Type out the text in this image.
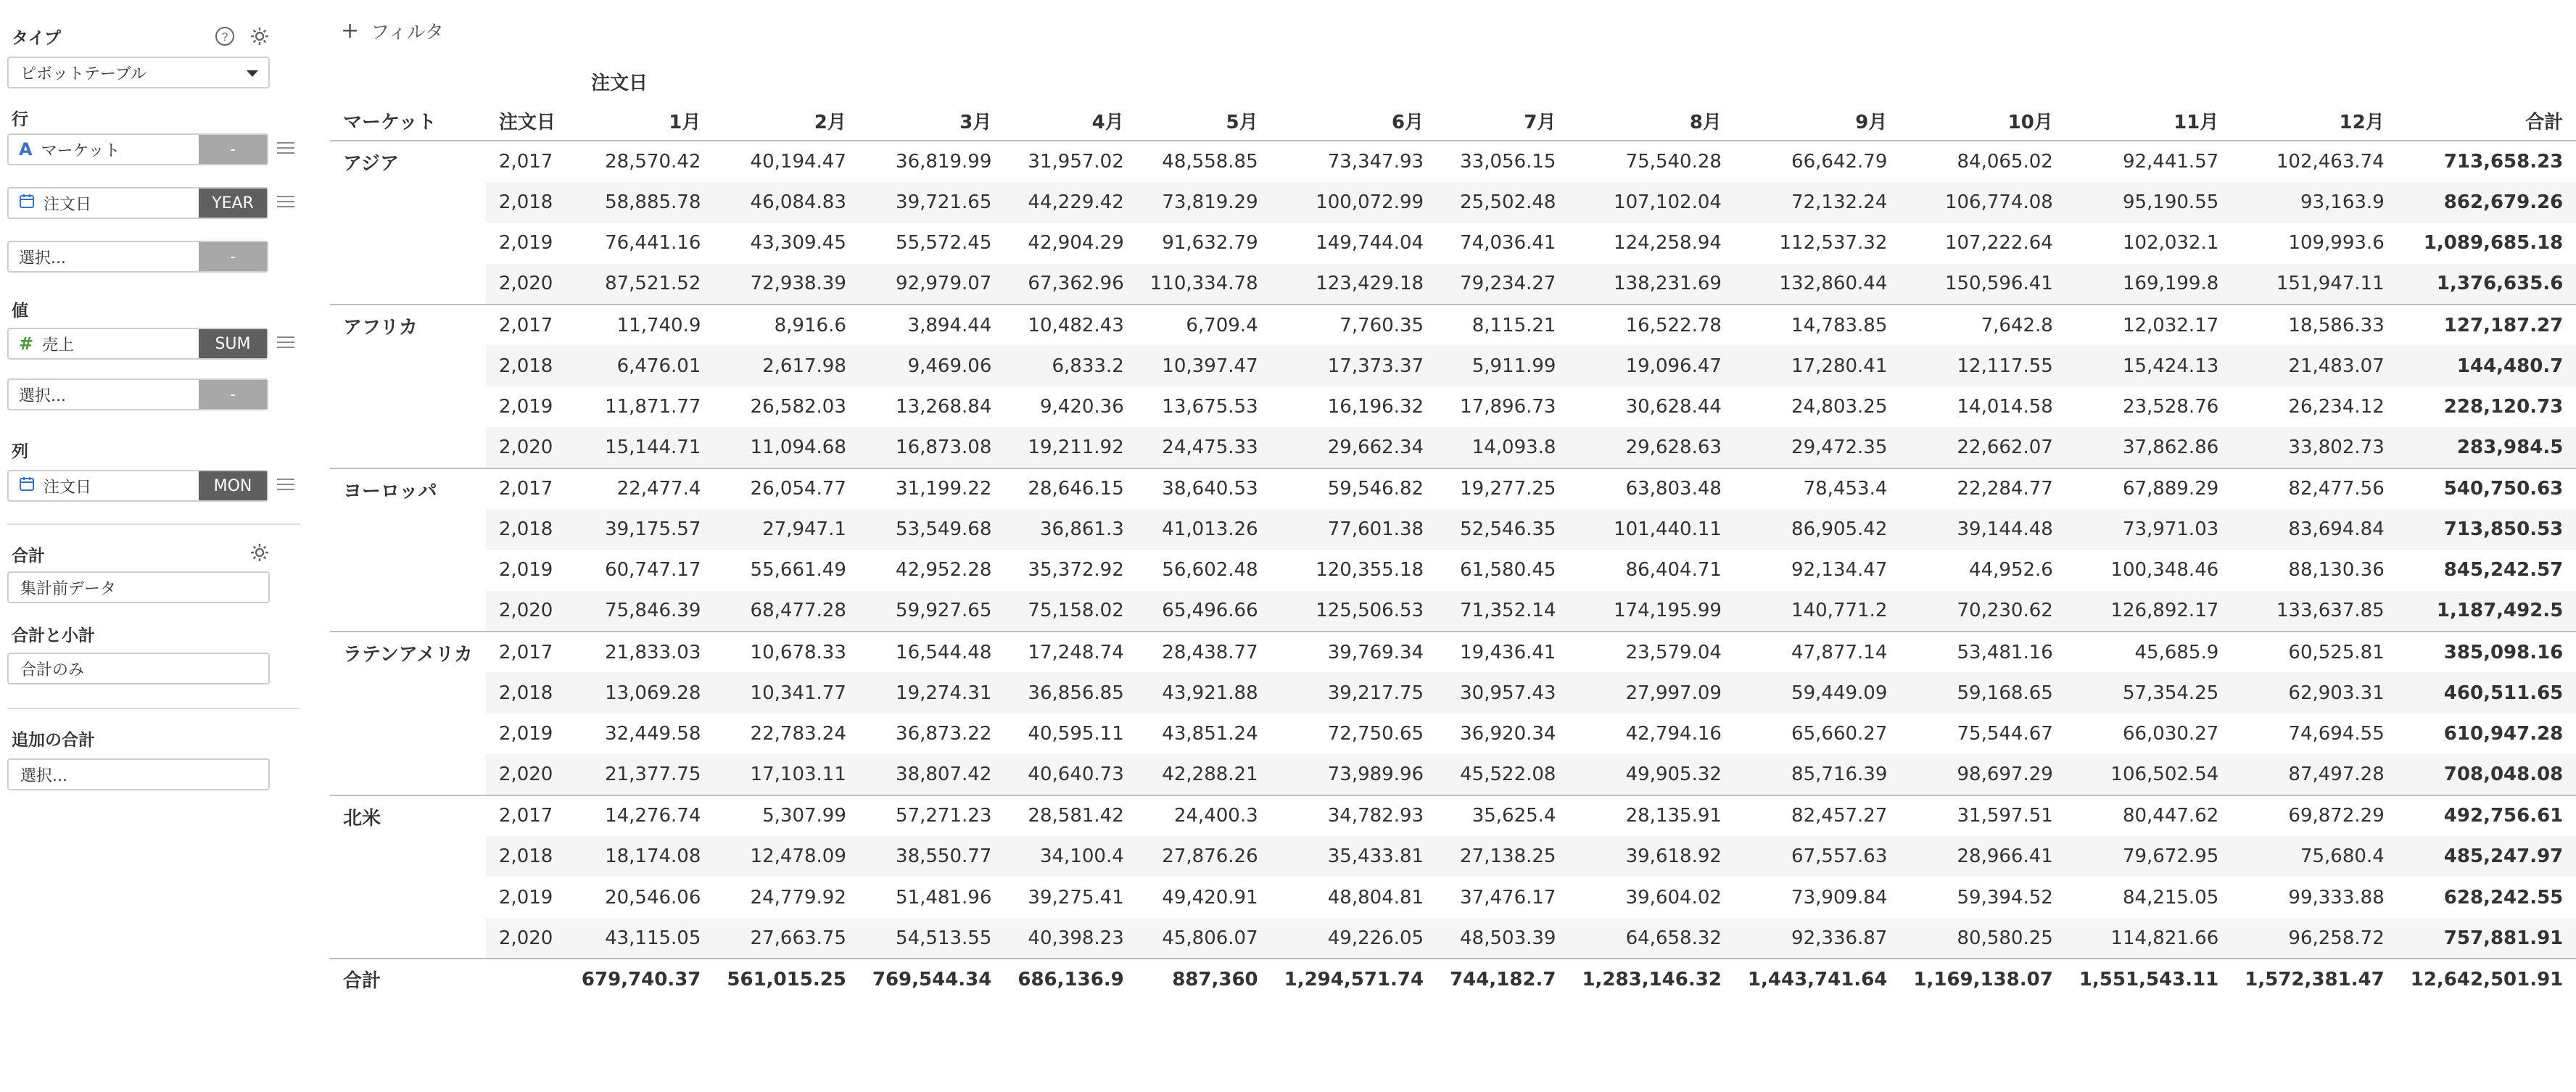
タイプ	?
ピボットテーブル
行
A マーケット	-
注文日	YEAR
選択...	-
値
# 売上	SUM
選択...	-
列
注文日	MON
合計
集計前データ
合計と小計
合計のみ
追加の合計
選択...
+ フィルタ
注文日
マーケット	注文日	1月	2月	3月	4月	5月	6月	7月	8月	9月	10月	11月	12月	合計
アジア	2,017	28,570.42	40,194.47	36,819.99	31,957.02	48,558.85	73,347.93	33,056.15	75,540.28	66,642.79	84,065.02	92,441.57	102,463.74	713,658.23
	2,018	58,885.78	46,084.83	39,721.65	44,229.42	73,819.29	100,072.99	25,502.48	107,102.04	72,132.24	106,774.08	95,190.55	93,163.9	862,679.26
	2,019	76,441.16	43,309.45	55,572.45	42,904.29	91,632.79	149,744.04	74,036.41	124,258.94	112,537.32	107,222.64	102,032.1	109,993.6	1,089,685.18
	2,020	87,521.52	72,938.39	92,979.07	67,362.96	110,334.78	123,429.18	79,234.27	138,231.69	132,860.44	150,596.41	169,199.8	151,947.11	1,376,635.6
アフリカ	2,017	11,740.9	8,916.6	3,894.44	10,482.43	6,709.4	7,760.35	8,115.21	16,522.78	14,783.85	7,642.8	12,032.17	18,586.33	127,187.27
	2,018	6,476.01	2,617.98	9,469.06	6,833.2	10,397.47	17,373.37	5,911.99	19,096.47	17,280.41	12,117.55	15,424.13	21,483.07	144,480.7
	2,019	11,871.77	26,582.03	13,268.84	9,420.36	13,675.53	16,196.32	17,896.73	30,628.44	24,803.25	14,014.58	23,528.76	26,234.12	228,120.73
	2,020	15,144.71	11,094.68	16,873.08	19,211.92	24,475.33	29,662.34	14,093.8	29,628.63	29,472.35	22,662.07	37,862.86	33,802.73	283,984.5
ヨーロッパ	2,017	22,477.4	26,054.77	31,199.22	28,646.15	38,640.53	59,546.82	19,277.25	63,803.48	78,453.4	22,284.77	67,889.29	82,477.56	540,750.63
	2,018	39,175.57	27,947.1	53,549.68	36,861.3	41,013.26	77,601.38	52,546.35	101,440.11	86,905.42	39,144.48	73,971.03	83,694.84	713,850.53
	2,019	60,747.17	55,661.49	42,952.28	35,372.92	56,602.48	120,355.18	61,580.45	86,404.71	92,134.47	44,952.6	100,348.46	88,130.36	845,242.57
	2,020	75,846.39	68,477.28	59,927.65	75,158.02	65,496.66	125,506.53	71,352.14	174,195.99	140,771.2	70,230.62	126,892.17	133,637.85	1,187,492.5
ラテンアメリカ	2,017	21,833.03	10,678.33	16,544.48	17,248.74	28,438.77	39,769.34	19,436.41	23,579.04	47,877.14	53,481.16	45,685.9	60,525.81	385,098.16
	2,018	13,069.28	10,341.77	19,274.31	36,856.85	43,921.88	39,217.75	30,957.43	27,997.09	59,449.09	59,168.65	57,354.25	62,903.31	460,511.65
	2,019	32,449.58	22,783.24	36,873.22	40,595.11	43,851.24	72,750.65	36,920.34	42,794.16	65,660.27	75,544.67	66,030.27	74,694.55	610,947.28
	2,020	21,377.75	17,103.11	38,807.42	40,640.73	42,288.21	73,989.96	45,522.08	49,905.32	85,716.39	98,697.29	106,502.54	87,497.28	708,048.08
北米	2,017	14,276.74	5,307.99	57,271.23	28,581.42	24,400.3	34,782.93	35,625.4	28,135.91	82,457.27	31,597.51	80,447.62	69,872.29	492,756.61
	2,018	18,174.08	12,478.09	38,550.77	34,100.4	27,876.26	35,433.81	27,138.25	39,618.92	67,557.63	28,966.41	79,672.95	75,680.4	485,247.97
	2,019	20,546.06	24,779.92	51,481.96	39,275.41	49,420.91	48,804.81	37,476.17	39,604.02	73,909.84	59,394.52	84,215.05	99,333.88	628,242.55
	2,020	43,115.05	27,663.75	54,513.55	40,398.23	45,806.07	49,226.05	48,503.39	64,658.32	92,336.87	80,580.25	114,821.66	96,258.72	757,881.91
合計		679,740.37	561,015.25	769,544.34	686,136.9	887,360	1,294,571.74	744,182.7	1,283,146.32	1,443,741.64	1,169,138.07	1,551,543.11	1,572,381.47	12,642,501.91
